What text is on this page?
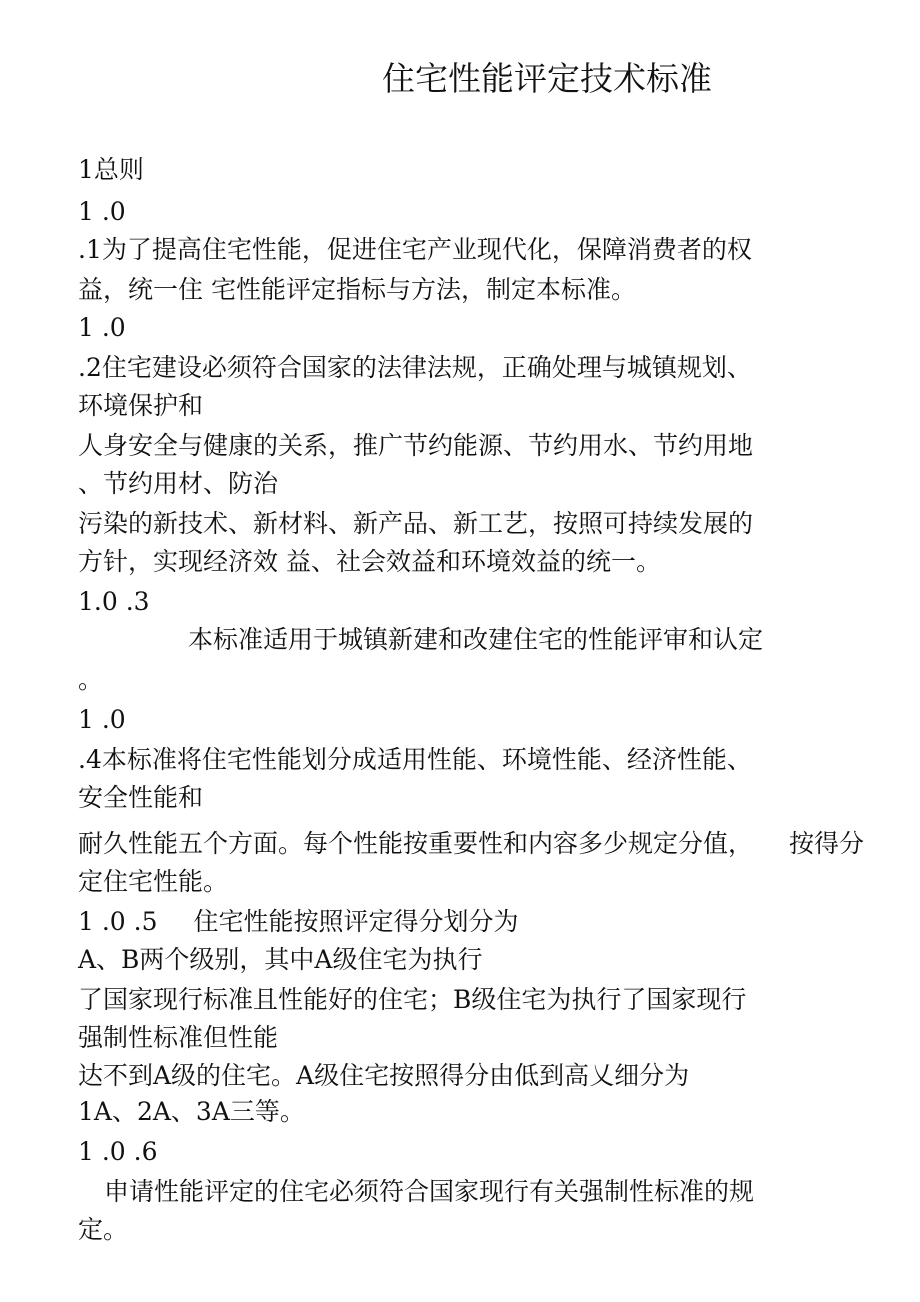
住宅性能评定技术标准
1总则
1 .0
.1为了提高住宅性能，促进住宅产业现代化，保障消费者的权
益，统一住 宅性能评定指标与方法，制定本标准。
1 .0
.2住宅建设必须符合国家的法律法规，正确处理与城镇规划、
环境保护和
人身安全与健康的关系，推广节约能源、节约用水、节约用地
、节约用材、防治
污染的新技术、新材料、新产品、新工艺，按照可持续发展的
方针，实现经济效 益、社会效益和环境效益的统一。
1.0 .3
本标准适用于城镇新建和改建住宅的性能评审和认定
。
1 .0
.4本标准将住宅性能划分成适用性能、环境性能、经济性能、
安全性能和
耐久性能五个方面。每个性能按重要性和内容多少规定分值， 按得分
定住宅性能。
1 .0 .5 住宅性能按照评定得分划分为
A、B两个级别，其中A级住宅为执行
了国家现行标准且性能好的住宅；B级住宅为执行了国家现行
强制性标准但性能
达不到A级的住宅。A级住宅按照得分由低到高乂细分为
1A、2A、3A三等。
1 .0 .6
申请性能评定的住宅必须符合国家现行有关强制性标准的规
定。
